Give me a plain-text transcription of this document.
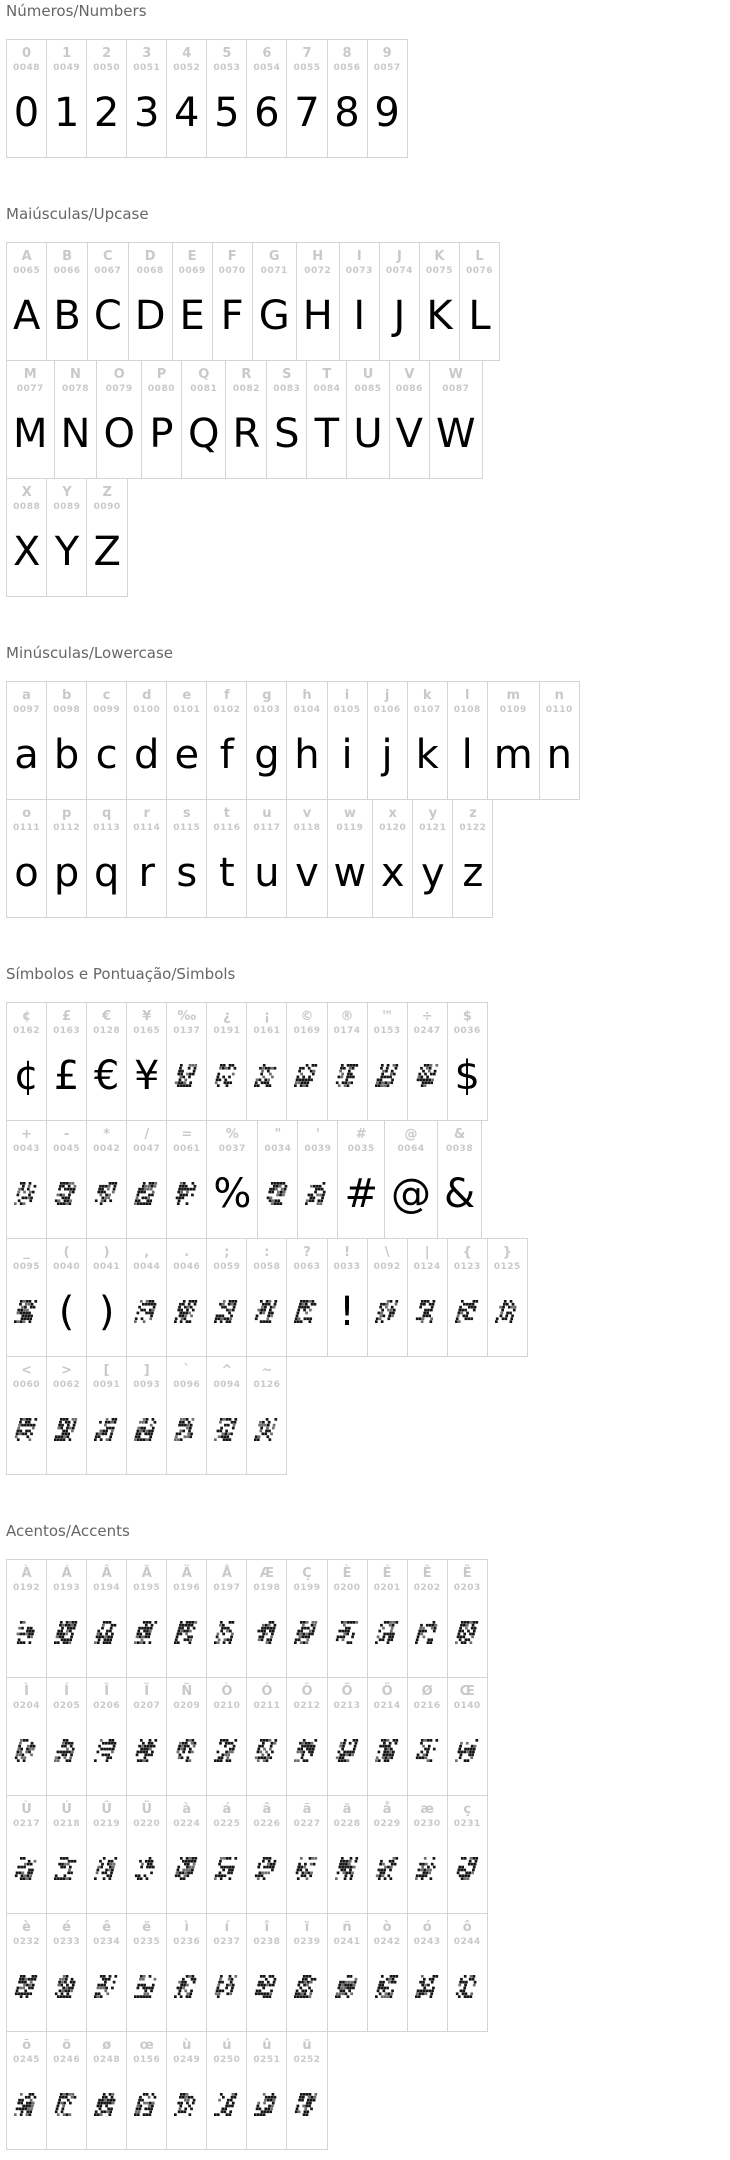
Números/Numbers
0
0048
0
1
0049
1
2
0050
2
3
0051
3
4
0052
4
5
0053
5
6
0054
6
7
0055
7
8
0056
8
9
0057
9
Maiúsculas/Upcase
A
0065
A
B
0066
B
C
0067
C
D
0068
D
E
0069
E
F
0070
F
G
0071
G
H
0072
H
I
0073
I
J
0074
J
K
0075
K
L
0076
L
M
0077
M
N
0078
N
O
0079
O
P
0080
P
Q
0081
Q
R
0082
R
S
0083
S
T
0084
T
U
0085
U
V
0086
V
W
0087
W
X
0088
X
Y
0089
Y
Z
0090
Z
Minúsculas/Lowercase
a
0097
a
b
0098
b
c
0099
c
d
0100
d
e
0101
e
f
0102
f
g
0103
g
h
0104
h
i
0105
i
j
0106
j
k
0107
k
l
0108
l
m
0109
m
n
0110
n
o
0111
o
p
0112
p
q
0113
q
r
0114
r
s
0115
s
t
0116
t
u
0117
u
v
0118
v
w
0119
w
x
0120
x
y
0121
y
z
0122
z
Símbolos e Pontuação/Simbols
¢
0162
¢
£
0163
£
€
0128
€
¥
0165
¥
‰
0137
¿
0191
¡
0161
©
0169
®
0174
™
0153
÷
0247
$
0036
$
+
0043
-
0045
*
0042
/
0047
=
0061
%
0037
%
"
0034
'
0039
#
0035
#
@
0064
@
&
0038
&
_
0095
(
0040
(
)
0041
)
,
0044
.
0046
;
0059
:
0058
?
0063
!
0033
!
\
0092
|
0124
{
0123
}
0125
<
0060
>
0062
[
0091
]
0093
`
0096
^
0094
~
0126
Acentos/Accents
À
0192
Á
0193
Â
0194
Ã
0195
Ä
0196
Å
0197
Æ
0198
Ç
0199
È
0200
É
0201
Ê
0202
Ë
0203
Ì
0204
Í
0205
Î
0206
Ï
0207
Ñ
0209
Ò
0210
Ó
0211
Ô
0212
Õ
0213
Ö
0214
Ø
0216
Œ
0140
Ù
0217
Ú
0218
Û
0219
Ü
0220
à
0224
á
0225
â
0226
ã
0227
ä
0228
å
0229
æ
0230
ç
0231
è
0232
é
0233
ê
0234
ë
0235
ì
0236
í
0237
î
0238
ï
0239
ñ
0241
ò
0242
ó
0243
ô
0244
õ
0245
ö
0246
ø
0248
œ
0156
ù
0249
ú
0250
û
0251
ü
0252
